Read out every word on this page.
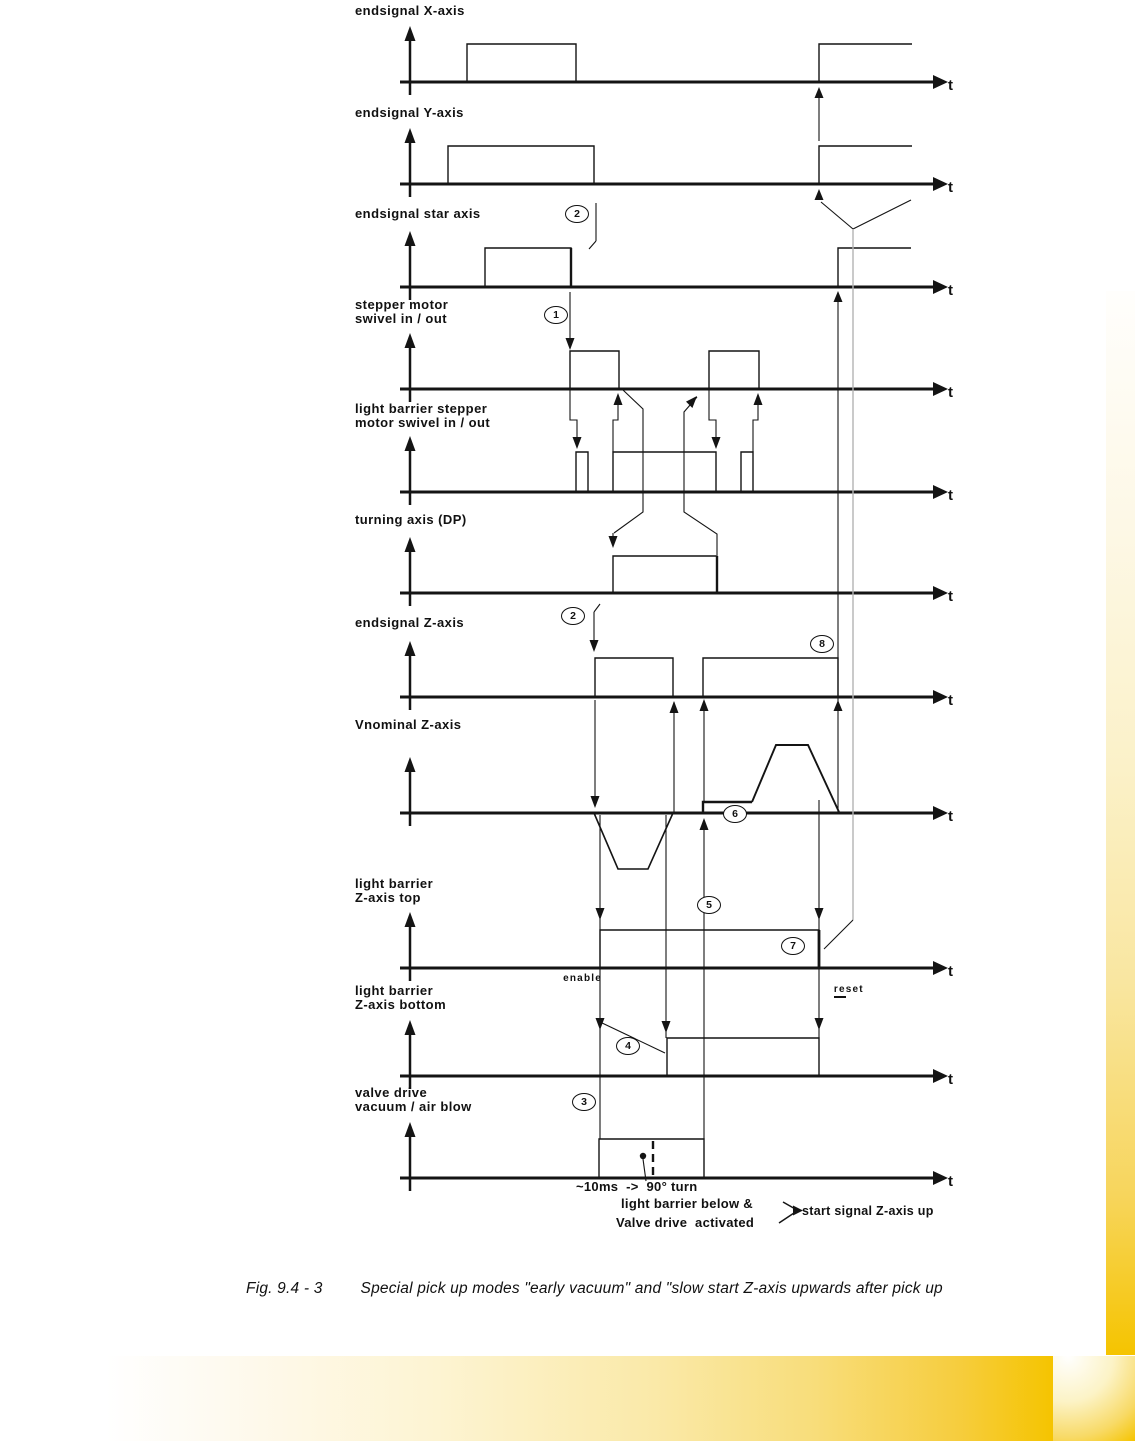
endsignal X-axis
endsignal Y-axis
endsignal star axis
stepper motor
swivel in / out
light barrier stepper
motor swivel in / out
turning axis (DP)
endsignal Z-axis
Vnominal Z-axis
light barrier
Z-axis top
light barrier
Z-axis bottom
valve drive
vacuum / air blow
t
t
t
t
t
t
t
t
t
t
t
1
2
2
3
4
5
6
7
8
enable

reset

~10ms  ->  90° turn
light barrier below &
Valve drive  activated
start signal Z-axis up

Fig. 9.4 - 3 Special pick up modes "early vacuum" and "slow start Z-axis upwards after pick up
